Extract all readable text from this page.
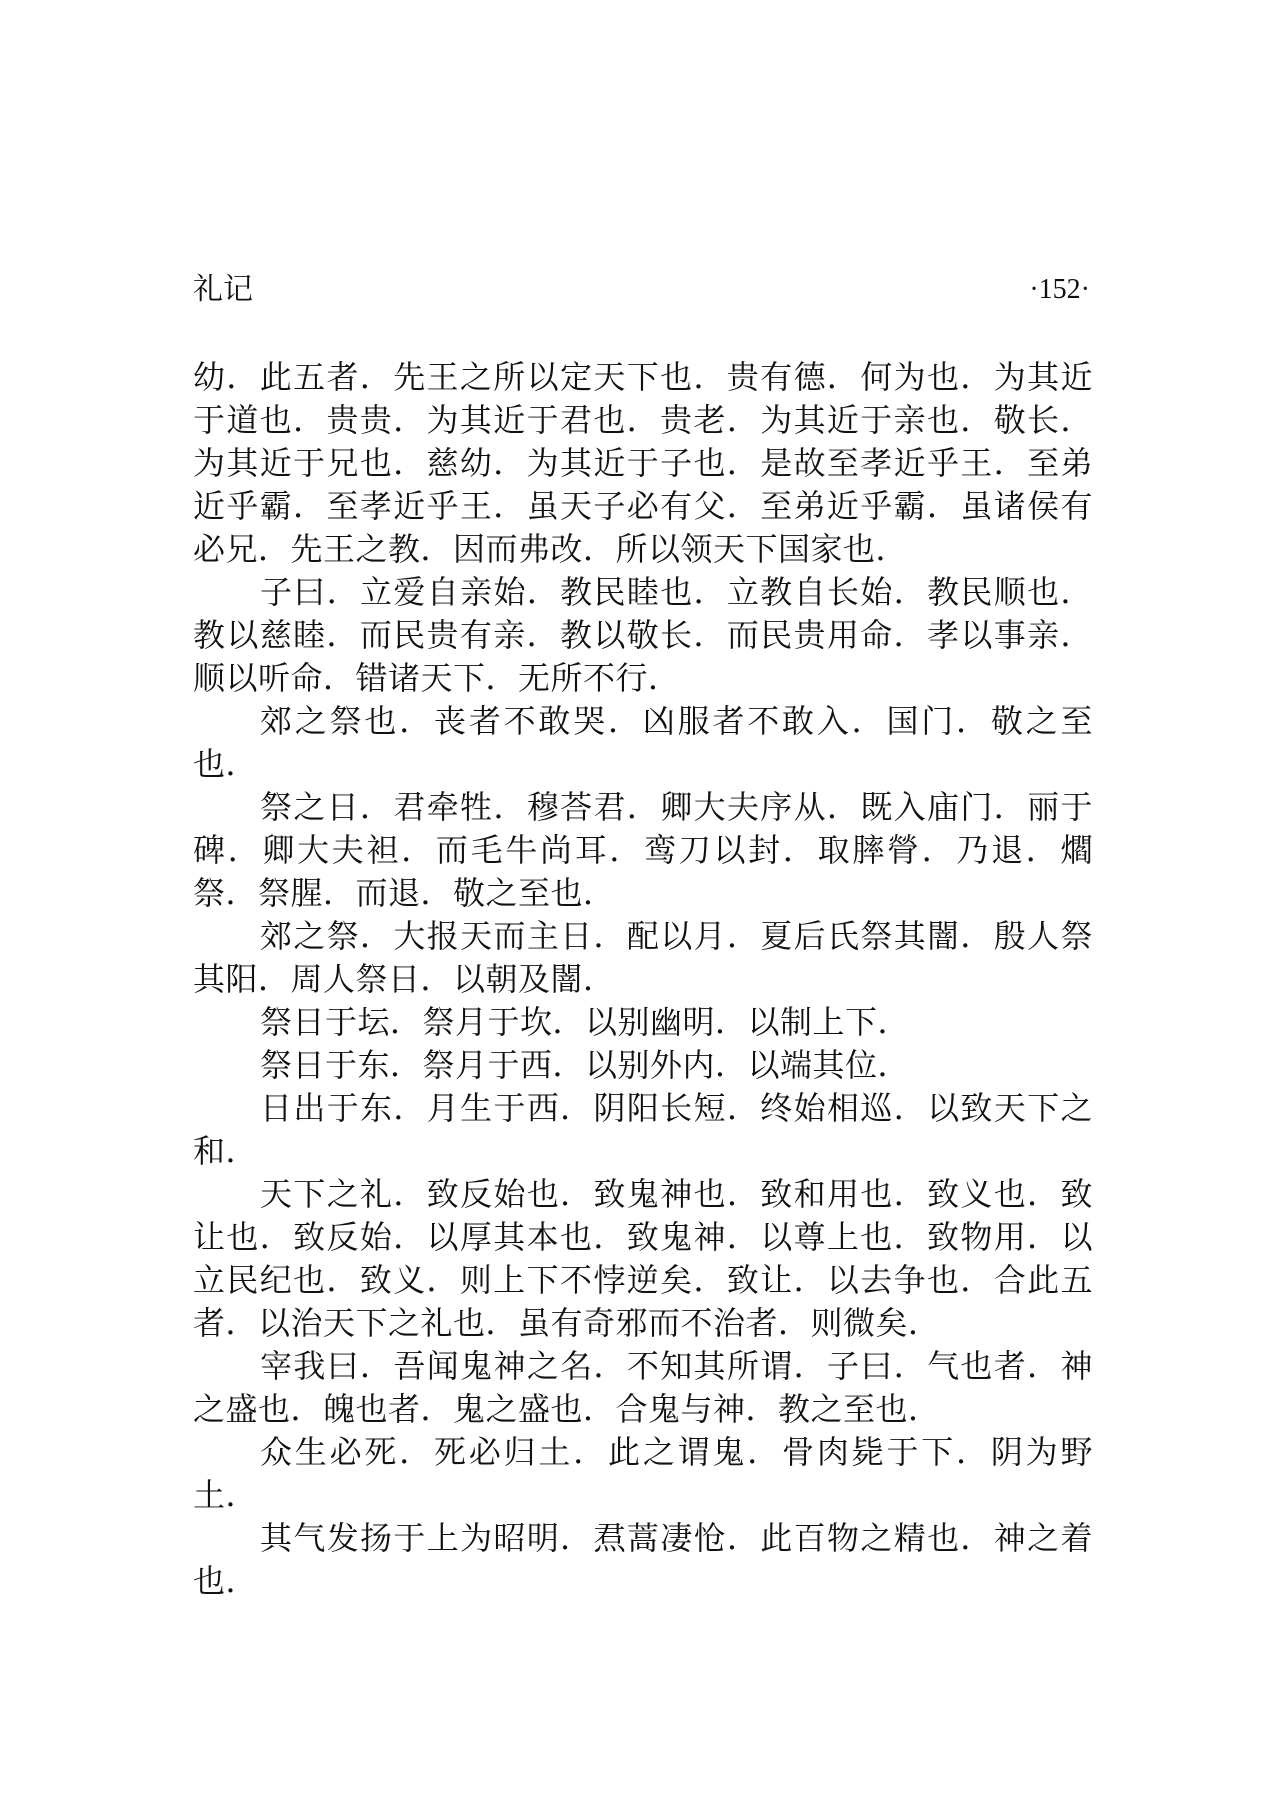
礼记	·152·

幼．此五者．先王之所以定天下也．贵有德．何为也．为其近于道也．贵贵．为其近于君也．贵老．为其近于亲也．敬长．为其近于兄也．慈幼．为其近于子也．是故至孝近乎王．至弟近乎霸．至孝近乎王．虽天子必有父．至弟近乎霸．虽诸侯有必兄．先王之教．因而弗改．所以领天下国家也．

子曰．立爱自亲始．教民睦也．立教自长始．教民顺也．教以慈睦．而民贵有亲．教以敬长．而民贵用命．孝以事亲．顺以听命．错诸天下．无所不行．

郊之祭也．丧者不敢哭．凶服者不敢入．国门．敬之至也．

祭之日．君牵牲．穆荅君．卿大夫序从．既入庙门．丽于碑．卿大夫袒．而毛牛尚耳．鸾刀以封．取膟膋．乃退．爓祭．祭腥．而退．敬之至也．

郊之祭．大报天而主日．配以月．夏后氏祭其闇．殷人祭其阳．周人祭日．以朝及闇．

祭日于坛．祭月于坎．以别幽明．以制上下．

祭日于东．祭月于西．以别外内．以端其位．

日出于东．月生于西．阴阳长短．终始相巡．以致天下之和．

天下之礼．致反始也．致鬼神也．致和用也．致义也．致让也．致反始．以厚其本也．致鬼神．以尊上也．致物用．以立民纪也．致义．则上下不悖逆矣．致让．以去争也．合此五者．以治天下之礼也．虽有奇邪而不治者．则微矣．

宰我曰．吾闻鬼神之名．不知其所谓．子曰．气也者．神之盛也．魄也者．鬼之盛也．合鬼与神．教之至也．

众生必死．死必归土．此之谓鬼．骨肉毙于下．阴为野土．

其气发扬于上为昭明．焄蒿凄怆．此百物之精也．神之着也．
